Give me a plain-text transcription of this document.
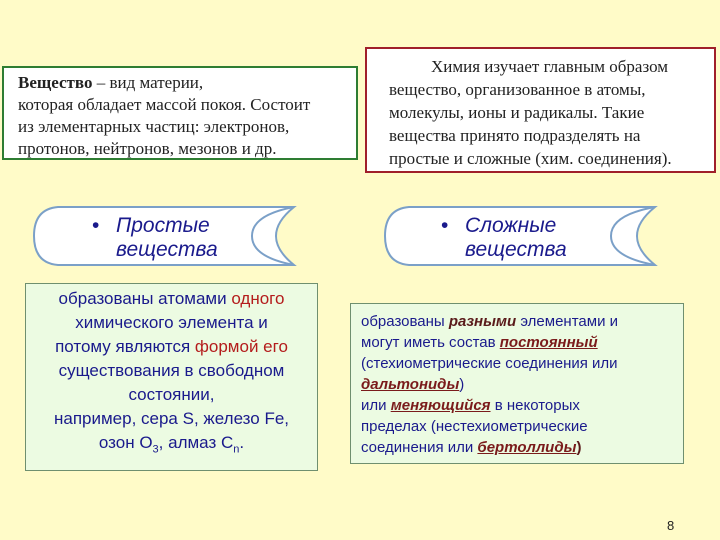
Вещество – вид материи,
которая обладает массой покоя. Состоит
из элементарных частиц: электронов,
протонов, нейтронов, мезонов и др.
Химия изучает главным образом
вещество, организованное в атомы,
молекулы, ионы и радикалы. Такие
вещества принято подразделять на
простые и сложные (хим. соединения).
• Простые
вещества
• Сложные
вещества
образованы атомами одного
химического элемента и
потому являются формой его
существования в свободном
состоянии,
например, сера S, железо Fe,
озон $O_3$, алмаз $C_n$.
образованы разными элементами и
могут иметь состав постоянный
(стехиометрические соединения или
дальтониды)
или меняющийся в некоторых
пределах (нестехиометрические
соединения или бертоллиды)
8
